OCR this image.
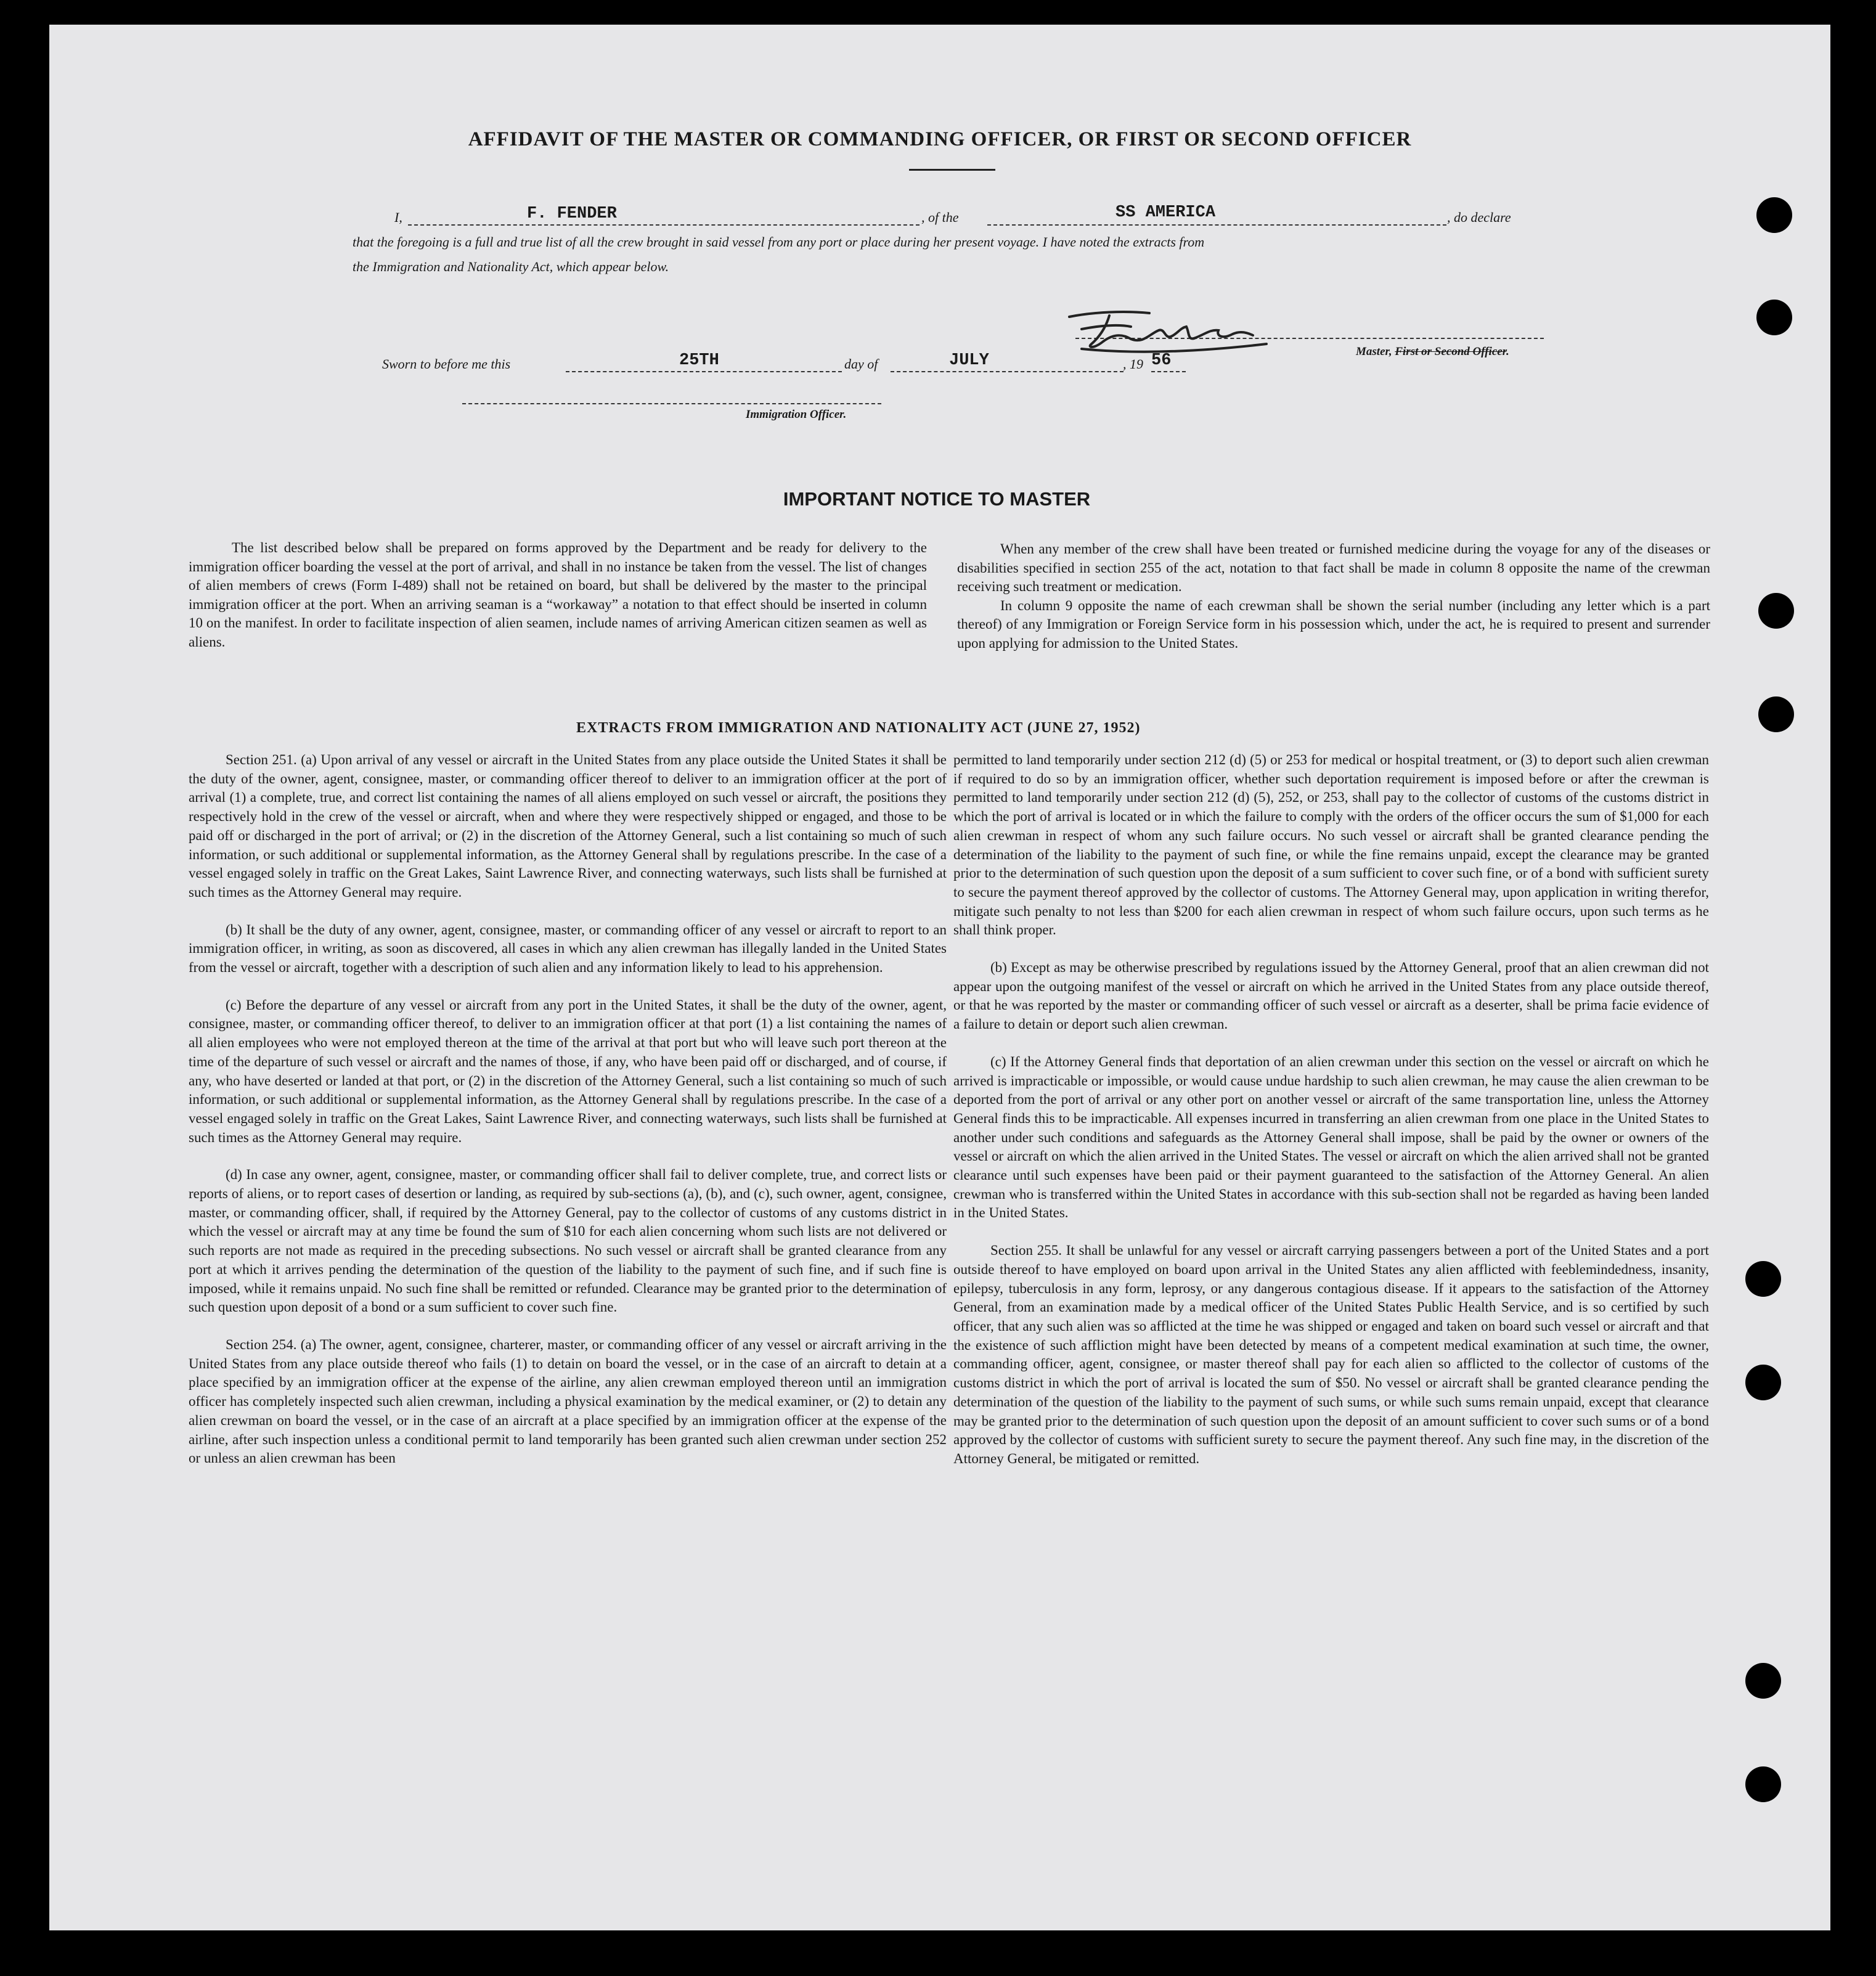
AFFIDAVIT OF THE MASTER OR COMMANDING OFFICER, OR FIRST OR SECOND OFFICER
I,	F. FENDER	, of the	SS AMERICA	, do declare
that the foregoing is a full and true list of all the crew brought in said vessel from any port or place during her present voyage. I have noted the extracts from
the Immigration and Nationality Act, which appear below.
Master, First or Second Officer.
Sworn to before me this	25TH	day of	JULY	, 19 56
Immigration Officer.
IMPORTANT NOTICE TO MASTER

The list described below shall be prepared on forms approved by the Department and be ready for delivery to the immigration officer boarding the vessel at the port of arrival, and shall in no instance be taken from the vessel. The list of changes of alien members of crews (Form I-489) shall not be retained on board, but shall be delivered by the master to the principal immigration officer at the port. When an arriving seaman is a “workaway” a notation to that effect should be inserted in column 10 on the manifest. In order to facilitate inspection of alien seamen, include names of arriving American citizen seamen as well as aliens.

When any member of the crew shall have been treated or furnished medicine during the voyage for any of the diseases or disabilities specified in section 255 of the act, notation to that fact shall be made in column 8 opposite the name of the crewman receiving such treatment or medication.

In column 9 opposite the name of each crewman shall be shown the serial number (including any letter which is a part thereof) of any Immigration or Foreign Service form in his possession which, under the act, he is required to present and surrender upon applying for admission to the United States.

EXTRACTS FROM IMMIGRATION AND NATIONALITY ACT (JUNE 27, 1952)

Section 251. (a) Upon arrival of any vessel or aircraft in the United States from any place outside the United States it shall be the duty of the owner, agent, consignee, master, or commanding officer thereof to deliver to an immigration officer at the port of arrival (1) a complete, true, and correct list containing the names of all aliens employed on such vessel or aircraft, the positions they respectively hold in the crew of the vessel or aircraft, when and where they were respectively shipped or engaged, and those to be paid off or discharged in the port of arrival; or (2) in the discretion of the Attorney General, such a list containing so much of such information, or such additional or supplemental information, as the Attorney General shall by regulations prescribe. In the case of a vessel engaged solely in traffic on the Great Lakes, Saint Lawrence River, and connecting waterways, such lists shall be furnished at such times as the Attorney General may require.

(b) It shall be the duty of any owner, agent, consignee, master, or commanding officer of any vessel or aircraft to report to an immigration officer, in writing, as soon as discovered, all cases in which any alien crewman has illegally landed in the United States from the vessel or aircraft, together with a description of such alien and any information likely to lead to his apprehension.

(c) Before the departure of any vessel or aircraft from any port in the United States, it shall be the duty of the owner, agent, consignee, master, or commanding officer thereof, to deliver to an immigration officer at that port (1) a list containing the names of all alien employees who were not employed thereon at the time of the arrival at that port but who will leave such port thereon at the time of the departure of such vessel or aircraft and the names of those, if any, who have been paid off or discharged, and of course, if any, who have deserted or landed at that port, or (2) in the discretion of the Attorney General, such a list containing so much of such information, or such additional or supplemental information, as the Attorney General shall by regulations prescribe. In the case of a vessel engaged solely in traffic on the Great Lakes, Saint Lawrence River, and connecting waterways, such lists shall be furnished at such times as the Attorney General may require.

(d) In case any owner, agent, consignee, master, or commanding officer shall fail to deliver complete, true, and correct lists or reports of aliens, or to report cases of desertion or landing, as required by sub-sections (a), (b), and (c), such owner, agent, consignee, master, or commanding officer, shall, if required by the Attorney General, pay to the collector of customs of any customs district in which the vessel or aircraft may at any time be found the sum of $10 for each alien concerning whom such lists are not delivered or such reports are not made as required in the preceding subsections. No such vessel or aircraft shall be granted clearance from any port at which it arrives pending the determination of the question of the liability to the payment of such fine, and if such fine is imposed, while it remains unpaid. No such fine shall be remitted or refunded. Clearance may be granted prior to the determination of such question upon deposit of a bond or a sum sufficient to cover such fine.

Section 254. (a) The owner, agent, consignee, charterer, master, or commanding officer of any vessel or aircraft arriving in the United States from any place outside thereof who fails (1) to detain on board the vessel, or in the case of an aircraft to detain at a place specified by an immigration officer at the expense of the airline, any alien crewman employed thereon until an immigration officer has completely inspected such alien crewman, including a physical examination by the medical examiner, or (2) to detain any alien crewman on board the vessel, or in the case of an aircraft at a place specified by an immigration officer at the expense of the airline, after such inspection unless a conditional permit to land temporarily has been granted such alien crewman under section 252 or unless an alien crewman has been

permitted to land temporarily under section 212 (d) (5) or 253 for medical or hospital treatment, or (3) to deport such alien crewman if required to do so by an immigration officer, whether such deportation requirement is imposed before or after the crewman is permitted to land temporarily under section 212 (d) (5), 252, or 253, shall pay to the collector of customs of the customs district in which the port of arrival is located or in which the failure to comply with the orders of the officer occurs the sum of $1,000 for each alien crewman in respect of whom any such failure occurs. No such vessel or aircraft shall be granted clearance pending the determination of the liability to the payment of such fine, or while the fine remains unpaid, except the clearance may be granted prior to the determination of such question upon the deposit of a sum sufficient to cover such fine, or of a bond with sufficient surety to secure the payment thereof approved by the collector of customs. The Attorney General may, upon application in writing therefor, mitigate such penalty to not less than $200 for each alien crewman in respect of whom such failure occurs, upon such terms as he shall think proper.

(b) Except as may be otherwise prescribed by regulations issued by the Attorney General, proof that an alien crewman did not appear upon the outgoing manifest of the vessel or aircraft on which he arrived in the United States from any place outside thereof, or that he was reported by the master or commanding officer of such vessel or aircraft as a deserter, shall be prima facie evidence of a failure to detain or deport such alien crewman.

(c) If the Attorney General finds that deportation of an alien crewman under this section on the vessel or aircraft on which he arrived is impracticable or impossible, or would cause undue hardship to such alien crewman, he may cause the alien crewman to be deported from the port of arrival or any other port on another vessel or aircraft of the same transportation line, unless the Attorney General finds this to be impracticable. All expenses incurred in transferring an alien crewman from one place in the United States to another under such conditions and safeguards as the Attorney General shall impose, shall be paid by the owner or owners of the vessel or aircraft on which the alien arrived in the United States. The vessel or aircraft on which the alien arrived shall not be granted clearance until such expenses have been paid or their payment guaranteed to the satisfaction of the Attorney General. An alien crewman who is transferred within the United States in accordance with this sub-section shall not be regarded as having been landed in the United States.

Section 255. It shall be unlawful for any vessel or aircraft carrying passengers between a port of the United States and a port outside thereof to have employed on board upon arrival in the United States any alien afflicted with feeblemindedness, insanity, epilepsy, tuberculosis in any form, leprosy, or any dangerous contagious disease. If it appears to the satisfaction of the Attorney General, from an examination made by a medical officer of the United States Public Health Service, and is so certified by such officer, that any such alien was so afflicted at the time he was shipped or engaged and taken on board such vessel or aircraft and that the existence of such affliction might have been detected by means of a competent medical examination at such time, the owner, commanding officer, agent, consignee, or master thereof shall pay for each alien so afflicted to the collector of customs of the customs district in which the port of arrival is located the sum of $50. No vessel or aircraft shall be granted clearance pending the determination of the question of the liability to the payment of such sums, or while such sums remain unpaid, except that clearance may be granted prior to the determination of such question upon the deposit of an amount sufficient to cover such sums or of a bond approved by the collector of customs with sufficient surety to secure the payment thereof. Any such fine may, in the discretion of the Attorney General, be mitigated or remitted.
